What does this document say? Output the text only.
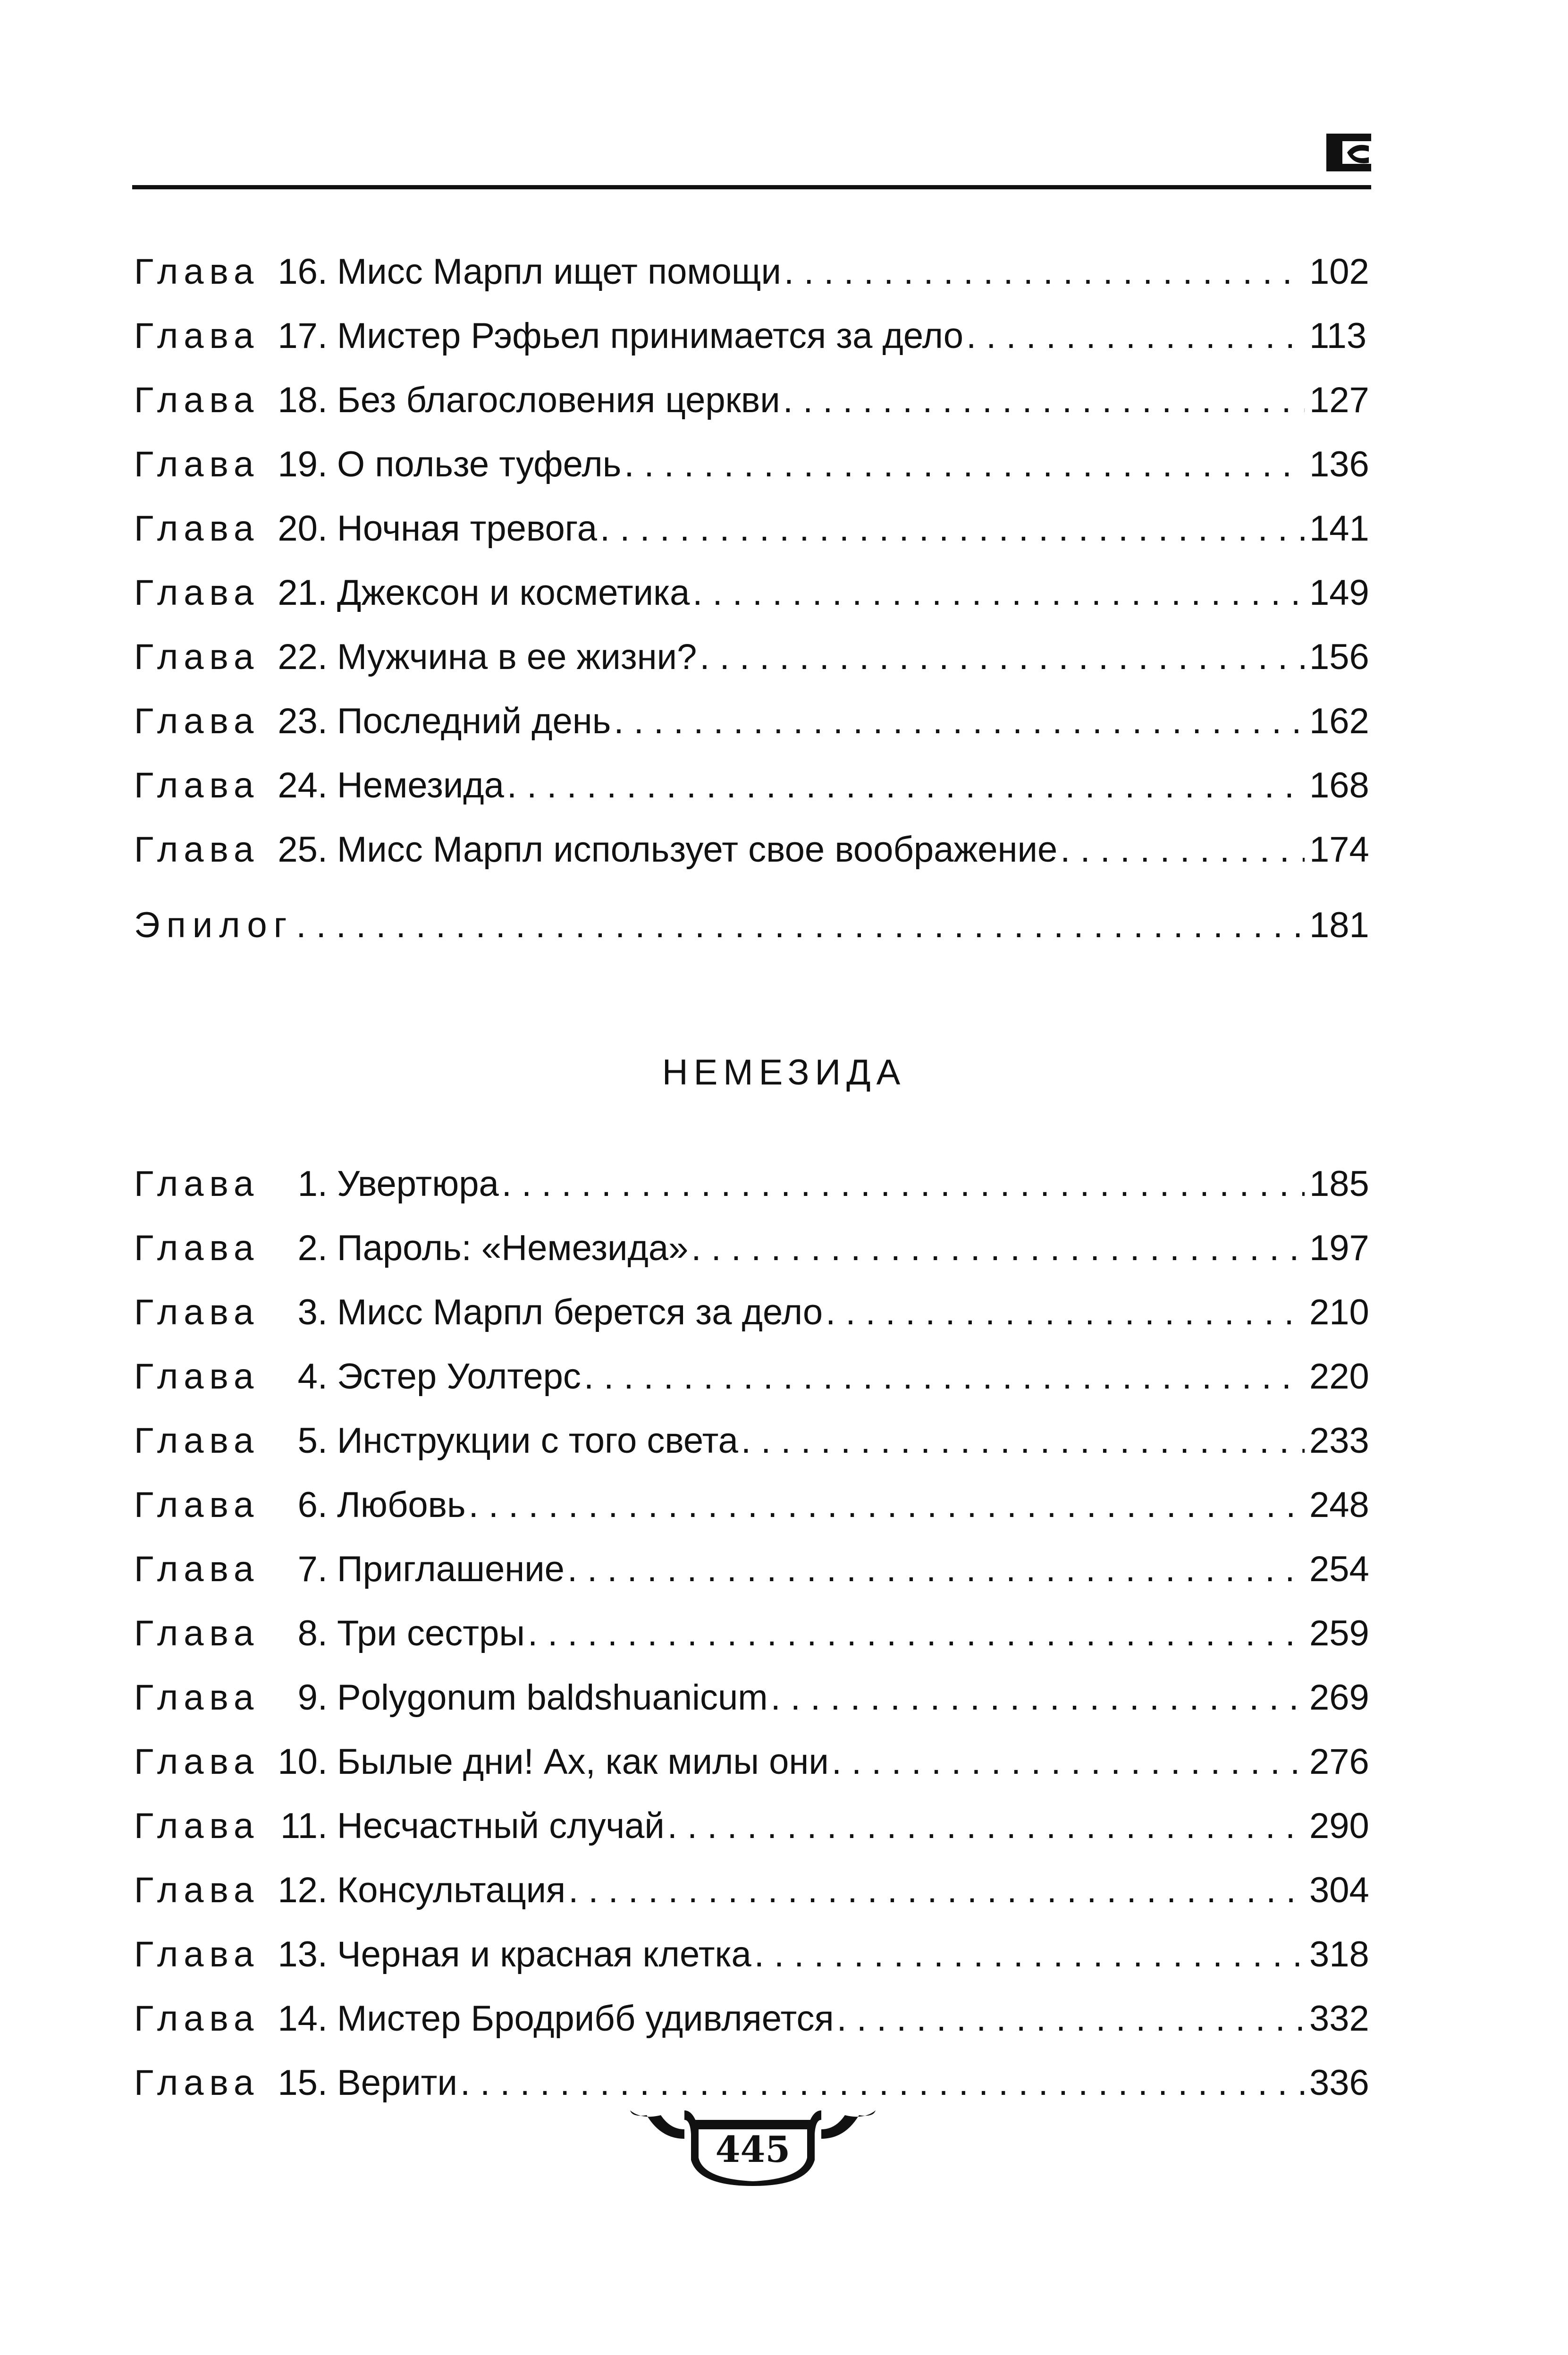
Глава 16. Мисс Марпл ищет помощи . . .	102
Глава 17. Мистер Рэфьел принимается за дело . . .	113
Глава 18. Без благословения церкви . . .	127
Глава 19. О пользе туфель . . .	136
Глава 20. Ночная тревога . . .	141
Глава 21. Джексон и косметика . . .	149
Глава 22. Мужчина в ее жизни? . . .	156
Глава 23. Последний день . . .	162
Глава 24. Немезида . . .	168
Глава 25. Мисс Марпл использует свое воображение . . .	174
Эпилог . . .	181
НЕМЕЗИДА
Глава	1. Увертюра . . .	185
Глава	2. Пароль: «Немезида» . . .	197
Глава	3. Мисс Марпл берется за дело . . .	210
Глава	4. Эстер Уолтерс . . .	220
Глава	5. Инструкции с того света . . .	233
Глава	6. Любовь . . .	248
Глава	7. Приглашение . . .	254
Глава	8. Три сестры . . .	259
Глава	9. Polygonum baldshuanicum . . .	269
Глава 10. Былые дни! Ах, как милы они . . .	276
Глава 11. Несчастный случай . . .	290
Глава 12. Консультация . . .	304
Глава 13. Черная и красная клетка . . .	318
Глава 14. Мистер Бродрибб удивляется . . .	332
Глава 15. Верити . . .	336
445
